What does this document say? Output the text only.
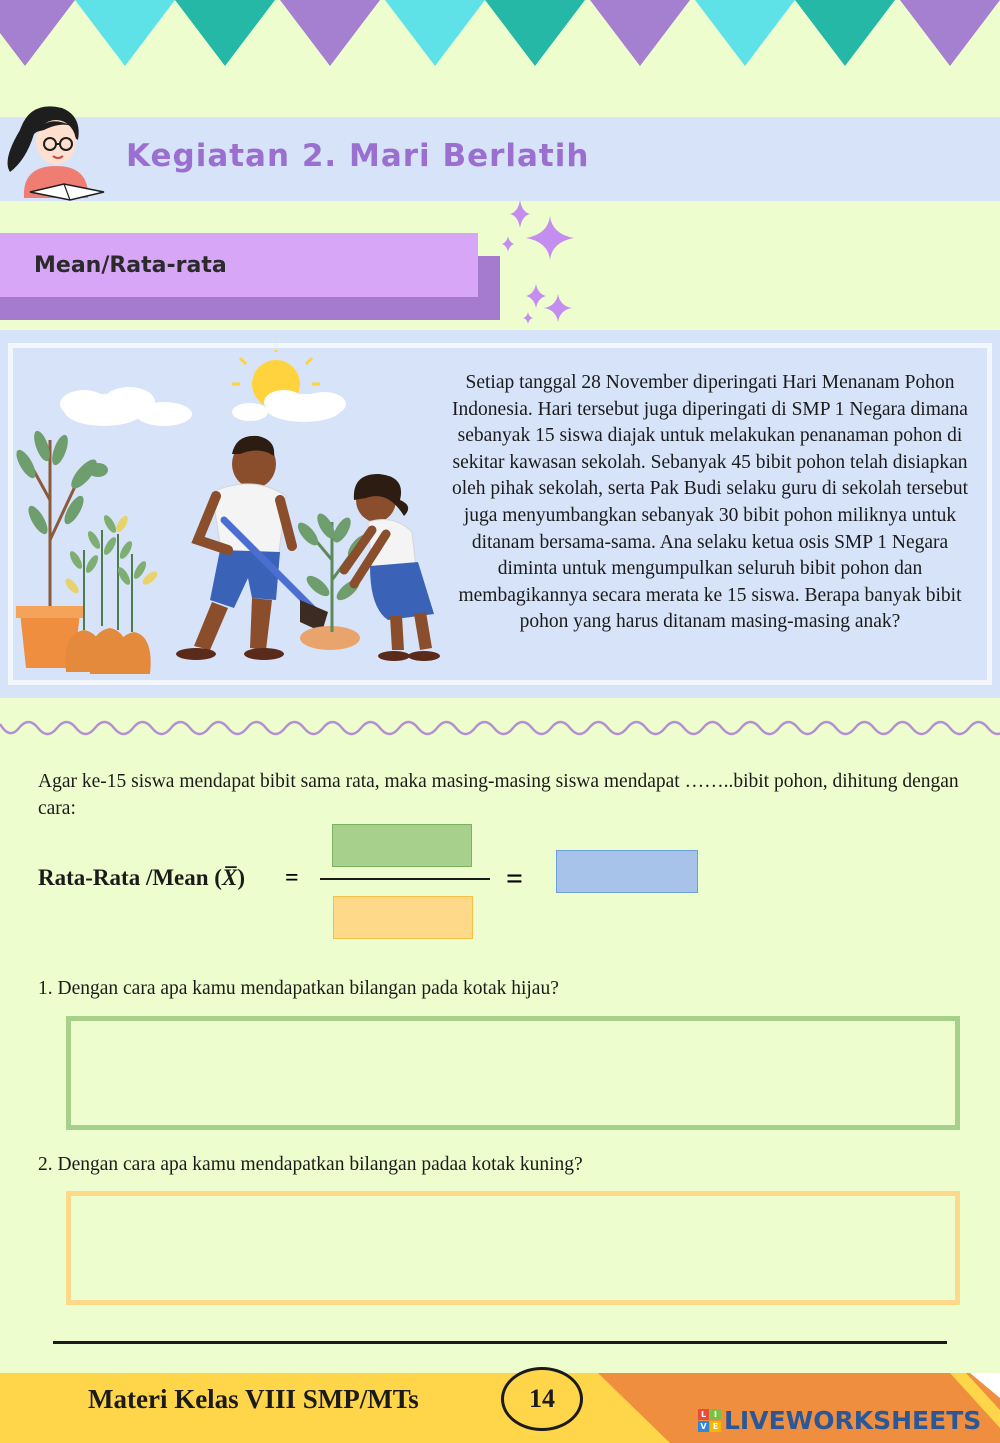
Kegiatan 2. Mari Berlatih
Mean/Rata-rata
Setiap tanggal 28 November diperingati Hari Menanam Pohon Indonesia. Hari tersebut juga diperingati di SMP 1 Negara dimana sebanyak 15 siswa diajak untuk melakukan penanaman pohon di sekitar kawasan sekolah. Sebanyak 45 bibit pohon telah disiapkan oleh pihak sekolah, serta Pak Budi selaku guru di sekolah tersebut juga menyumbangkan sebanyak 30 bibit pohon miliknya untuk ditanam bersama-sama. Ana selaku ketua osis SMP 1 Negara diminta untuk mengumpulkan seluruh bibit pohon dan membagikannya secara merata ke 15 siswa. Berapa banyak bibit pohon yang harus ditanam masing-masing anak?
Agar ke-15 siswa mendapat bibit sama rata, maka masing-masing siswa mendapat ……..bibit pohon, dihitung dengan cara:
Rata-Rata /Mean (X̅) =	=
1. Dengan cara apa kamu mendapatkan bilangan pada kotak hijau?
2. Dengan cara apa kamu mendapatkan bilangan padaa kotak kuning?
Materi Kelas VIII SMP/MTs	14
L I
V E LIVEWORKSHEETS
